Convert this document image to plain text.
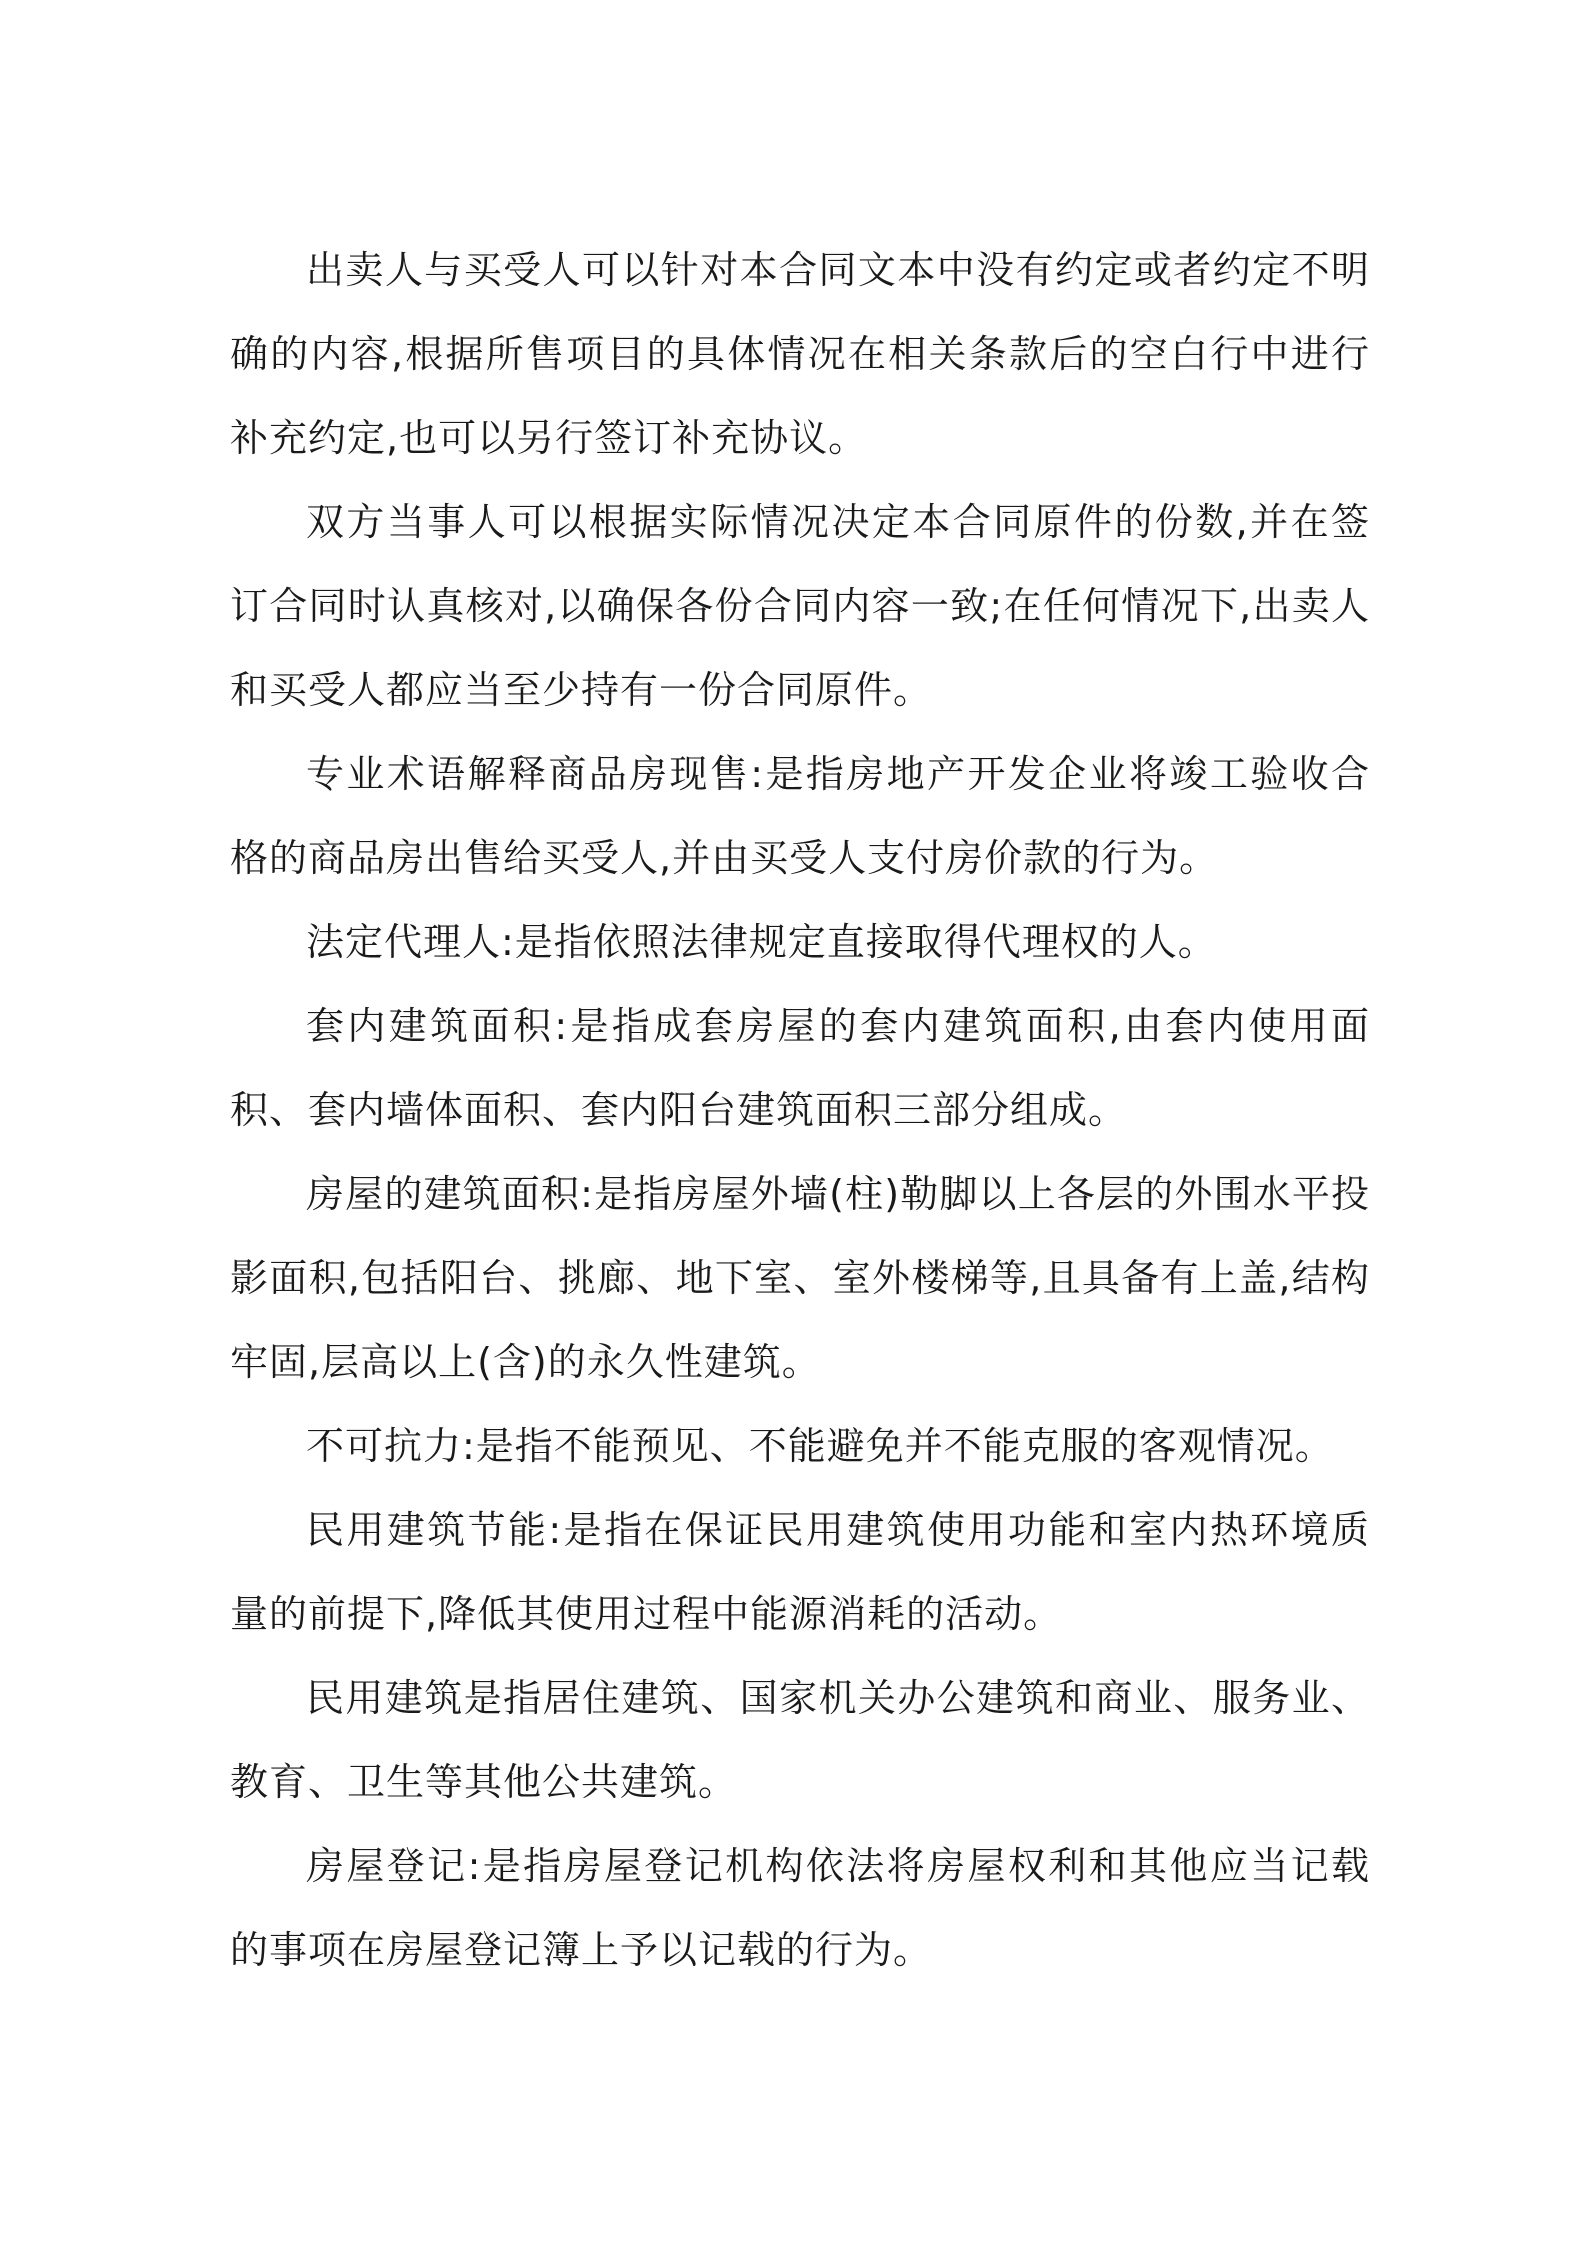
出卖人与买受人可以针对本合同文本中没有约定或者约定不明确的内容,根据所售项目的具体情况在相关条款后的空白行中进行补充约定,也可以另行签订补充协议。

双方当事人可以根据实际情况决定本合同原件的份数,并在签订合同时认真核对,以确保各份合同内容一致;在任何情况下,出卖人和买受人都应当至少持有一份合同原件。

专业术语解释商品房现售:是指房地产开发企业将竣工验收合格的商品房出售给买受人,并由买受人支付房价款的行为。

法定代理人:是指依照法律规定直接取得代理权的人。

套内建筑面积:是指成套房屋的套内建筑面积,由套内使用面积、套内墙体面积、套内阳台建筑面积三部分组成。

房屋的建筑面积:是指房屋外墙(柱)勒脚以上各层的外围水平投影面积,包括阳台、挑廊、地下室、室外楼梯等,且具备有上盖,结构牢固,层高以上(含)的永久性建筑。

不可抗力:是指不能预见、不能避免并不能克服的客观情况。

民用建筑节能:是指在保证民用建筑使用功能和室内热环境质量的前提下,降低其使用过程中能源消耗的活动。

民用建筑是指居住建筑、国家机关办公建筑和商业、服务业、教育、卫生等其他公共建筑。

房屋登记:是指房屋登记机构依法将房屋权利和其他应当记载的事项在房屋登记簿上予以记载的行为。
